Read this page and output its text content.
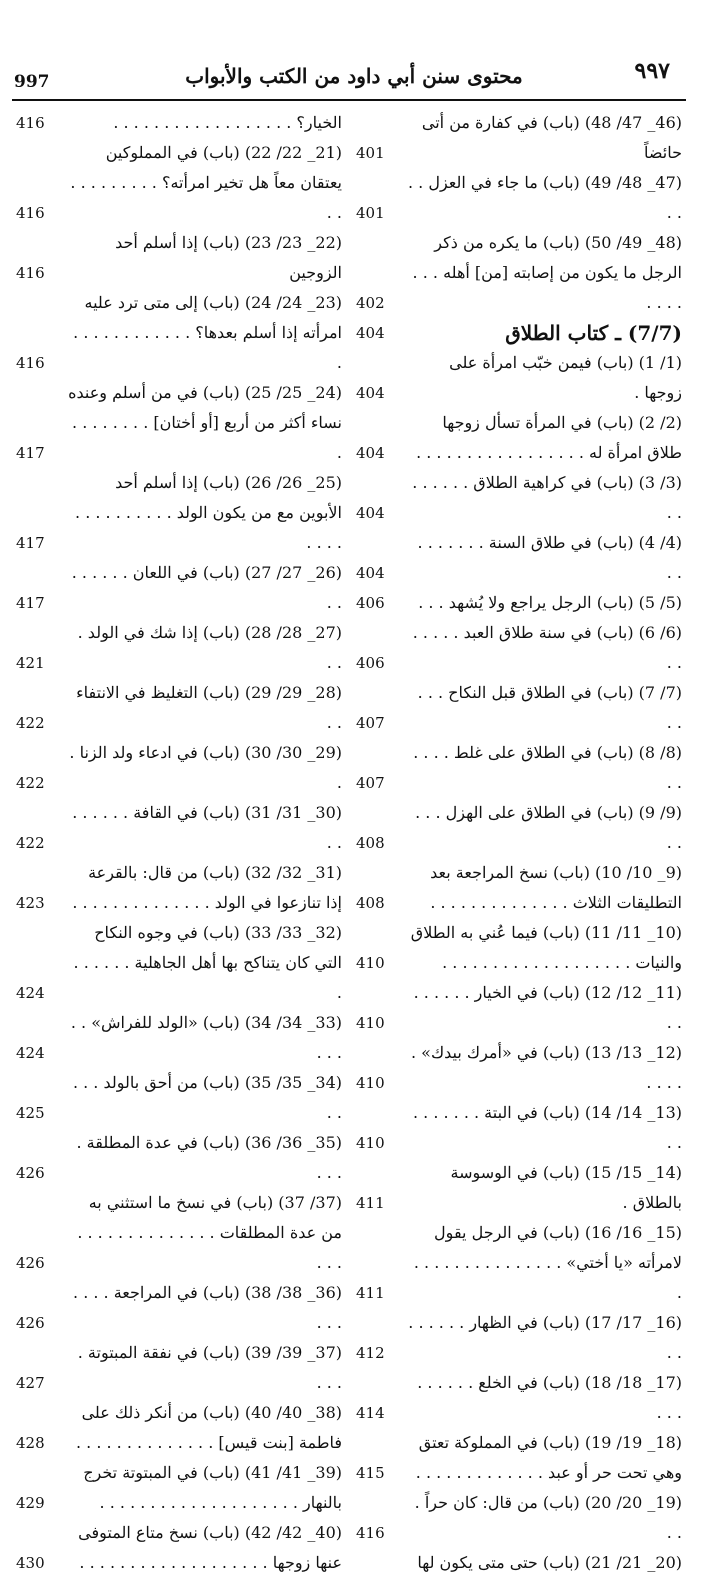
٩٩٧
محتوى سنن أبي داود من الكتب والأبواب
997
(46_ 47/ 48) (باب) في كفارة من أتى حائضاً
401
(47_ 48/ 49) (باب) ما جاء في العزل . . . .
401
(48_ 49/ 50) (باب) ما يكره من ذكر الرجل ما يكون من إصابته [من] أهله . . . . . . .
402
(7/7) ـ كتاب الطلاق
404
(1/ 1) (باب) فيمن خبّب امرأة على زوجها .
404
(2/ 2) (باب) في المرأة تسأل زوجها طلاق امرأة له . . . . . . . . . . . . . . . . .
404
(3/ 3) (باب) في كراهية الطلاق . . . . . . . .
404
(4/ 4) (باب) في طلاق السنة . . . . . . . . .
404
(5/ 5) (باب) الرجل يراجع ولا يُشهد . . .
406
(6/ 6) (باب) في سنة طلاق العبد . . . . . . .
406
(7/ 7) (باب) في الطلاق قبل النكاح . . . . .
407
(8/ 8) (باب) في الطلاق على غلط . . . . . .
407
(9/ 9) (باب) في الطلاق على الهزل . . . . .
408
(9_ 10/ 10) (باب) نسخ المراجعة بعد التطليقات الثلاث . . . . . . . . . . . . . .
408
(10_ 11/ 11) (باب) فيما عُني به الطلاق والنيات . . . . . . . . . . . . . . . . . . .
410
(11_ 12/ 12) (باب) في الخيار . . . . . . . .
410
(12_ 13/ 13) (باب) في «أمرك بيدك» . . . . .
410
(13_ 14/ 14) (باب) في البتة . . . . . . . . .
410
(14_ 15/ 15) (باب) في الوسوسة بالطلاق .
411
(15_ 16/ 16) (باب) في الرجل يقول لامرأته «يا أختي» . . . . . . . . . . . . . . . .
411
(16_ 17/ 17) (باب) في الظهار . . . . . . . .
412
(17_ 18/ 18) (باب) في الخلع . . . . . . . . .
414
(18_ 19/ 19) (باب) في المملوكة تعتق وهي تحت حر أو عبد . . . . . . . . . . . . .
415
(19_ 20/ 20) (باب) من قال: كان حراً . . .
416
(20_ 21/ 21) (باب) حتى متى يكون لها
الخيار؟ . . . . . . . . . . . . . . . . . .
416
(21_ 22/ 22) (باب) في المملوكين يعتقان معاً هل تخير امرأته؟ . . . . . . . . . . .
416
(22_ 23/ 23) (باب) إذا أسلم أحد الزوجين
416
(23_ 24/ 24) (باب) إلى متى ترد عليه امرأته إذا أسلم بعدها؟ . . . . . . . . . . . . .
416
(24_ 25/ 25) (باب) في من أسلم وعنده نساء أكثر من أربع [أو أختان] . . . . . . . . .
417
(25_ 26/ 26) (باب) إذا أسلم أحد الأبوين مع من يكون الولد . . . . . . . . . . . . . .
417
(26_ 27/ 27) (باب) في اللعان . . . . . . . .
417
(27_ 28/ 28) (باب) إذا شك في الولد . . .
421
(28_ 29/ 29) (باب) التغليظ في الانتفاء . .
422
(29_ 30/ 30) (باب) في ادعاء ولد الزنا . .
422
(30_ 31/ 31) (باب) في القافة . . . . . . . .
422
(31_ 32/ 32) (باب) من قال: بالقرعة إذا تنازعوا في الولد . . . . . . . . . . . . . .
423
(32_ 33/ 33) (باب) في وجوه النكاح التي كان يتناكح بها أهل الجاهلية . . . . . . .
424
(33_ 34/ 34) (باب) «الولد للفراش» . . . . .
424
(34_ 35/ 35) (باب) من أحق بالولد . . . . .
425
(35_ 36/ 36) (باب) في عدة المطلقة . . . .
426
(37/ 37) (باب) في نسخ ما استثني به من عدة المطلقات . . . . . . . . . . . . . . . . .
426
(36_ 38/ 38) (باب) في المراجعة . . . . . . .
426
(37_ 39/ 39) (باب) في نفقة المبتوتة . . . .
427
(38_ 40/ 40) (باب) من أنكر ذلك على فاطمة [بنت قيس] . . . . . . . . . . . . . .
428
(39_ 41/ 41) (باب) في المبتوتة تخرج بالنهار . . . . . . . . . . . . . . . . . . . .
429
(40_ 42/ 42) (باب) نسخ متاع المتوفى عنها زوجها . . . . . . . . . . . . . . . . . . .
430
